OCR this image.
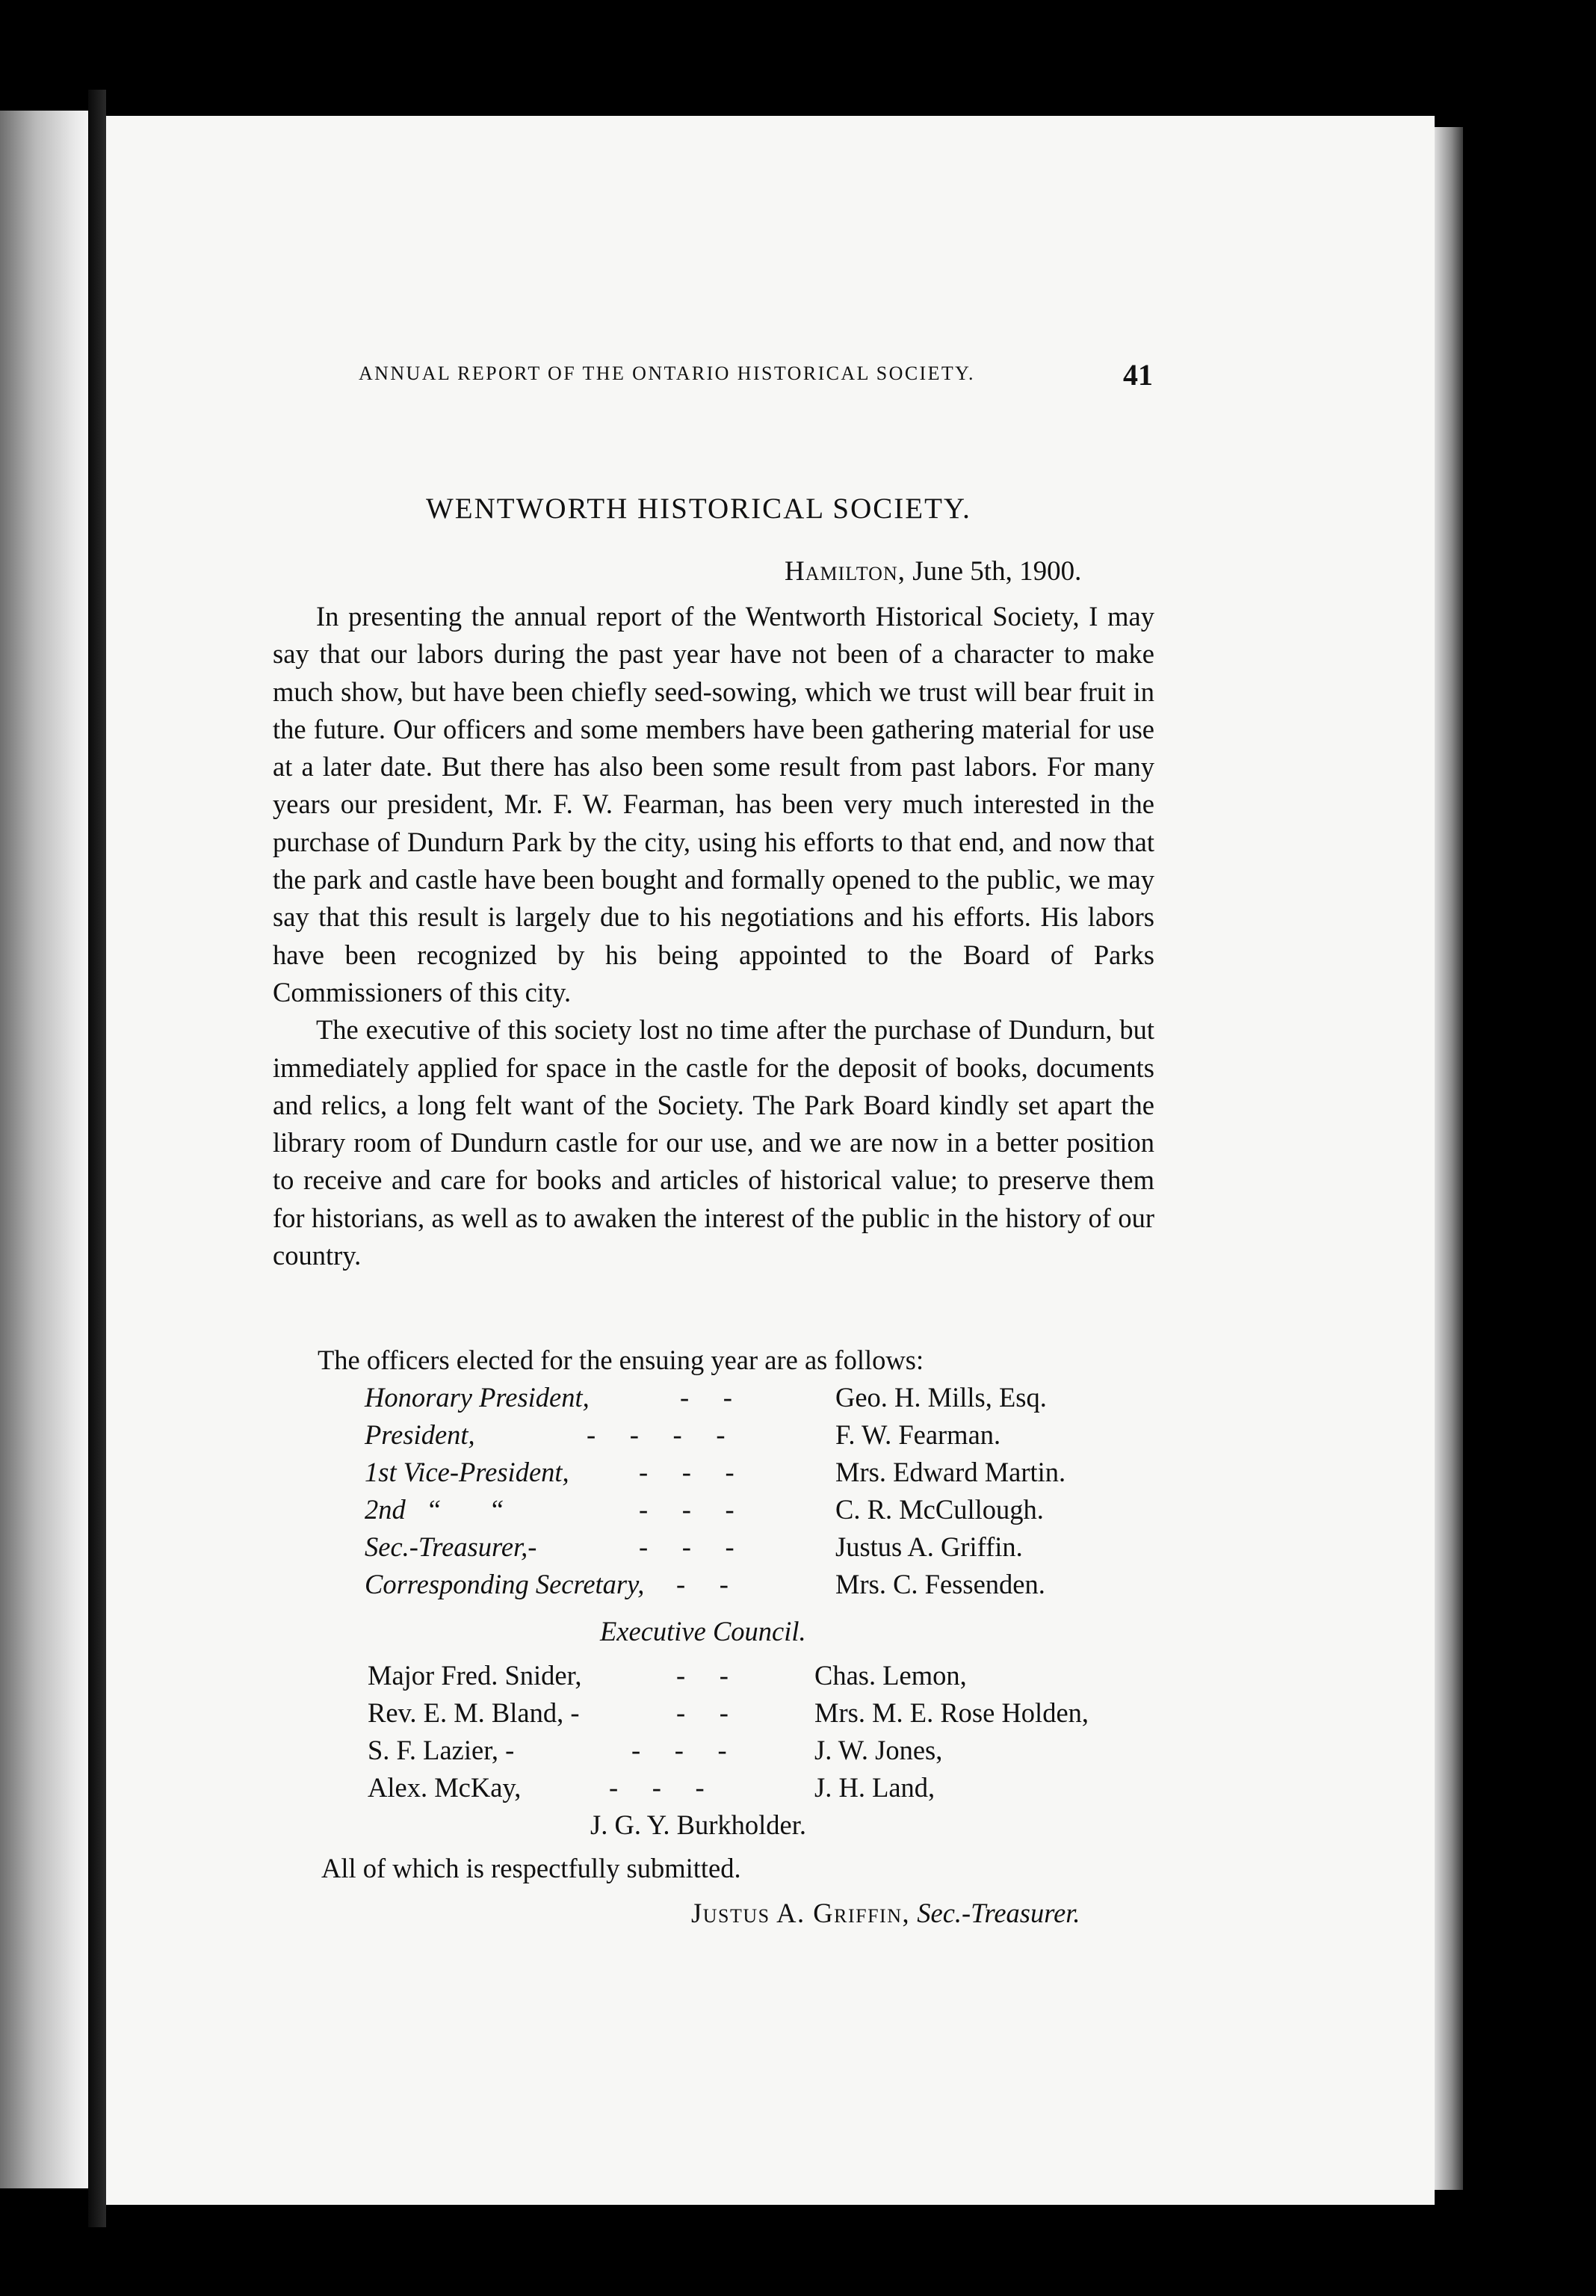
ANNUAL REPORT OF THE ONTARIO HISTORICAL SOCIETY.	41
WENTWORTH HISTORICAL SOCIETY.
Hamilton, June 5th, 1900.

In presenting the annual report of the Wentworth Historical Society, I may say that our labors during the past year have not been of a character to make much show, but have been chiefly seed-sowing, which we trust will bear fruit in the future. Our officers and some members have been gathering material for use at a later date. But there has also been some result from past labors. For many years our president, Mr. F. W. Fearman, has been very much interested in the purchase of Dundurn Park by the city, using his efforts to that end, and now that the park and castle have been bought and formally opened to the public, we may say that this result is largely due to his negotiations and his efforts. His labors have been recognized by his being appointed to the Board of Parks Commissioners of this city.

The executive of this society lost no time after the purchase of Dundurn, but immediately applied for space in the castle for the deposit of books, documents and relics, a long felt want of the Society. The Park Board kindly set apart the library room of Dundurn castle for our use, and we are now in a better position to receive and care for books and articles of historical value; to preserve them for historians, as well as to awaken the interest of the public in the history of our country.

The officers elected for the ensuing year are as follows:
Honorary President,	-     -	Geo. H. Mills, Esq.
President,	-     -     -     -	F. W. Fearman.
1st Vice-President,	-     -     -	Mrs. Edward Martin.
2nd   “       “	-     -     -	C. R. McCullough.
Sec.-Treasurer,-	-     -     -	Justus A. Griffin.
Corresponding Secretary, -     -	Mrs. C. Fessenden.
Executive Council.
Major Fred. Snider,	-     -	Chas. Lemon,
Rev. E. M. Bland, -	-     -	Mrs. M. E. Rose Holden,
S. F. Lazier, -	-     -     -	J. W. Jones,
Alex. McKay,	-     -     -	J. H. Land,
J. G. Y. Burkholder.
All of which is respectfully submitted.
Justus A. Griffin, Sec.-Treasurer.
